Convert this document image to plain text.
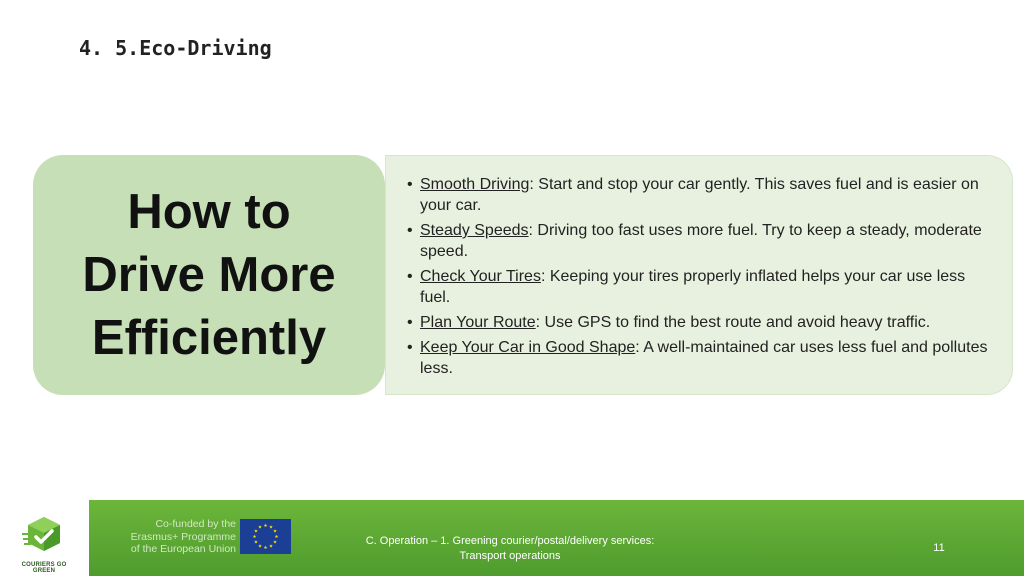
4. 5.Eco-Driving
How to
Drive More
Efficiently
• Smooth Driving: Start and stop your car gently. This saves fuel and is easier on your car.
• Steady Speeds: Driving too fast uses more fuel. Try to keep a steady, moderate speed.
• Check Your Tires: Keeping your tires properly inflated helps your car use less fuel.
• Plan Your Route: Use GPS to find the best route and avoid heavy traffic.
• Keep Your Car in Good Shape: A well-maintained car uses less fuel and pollutes less.
COURIERS GO GREEN
Co-funded by the
Erasmus+ Programme
of the European Union
C. Operation – 1. Greening courier/postal/delivery services:
Transport operations
11
